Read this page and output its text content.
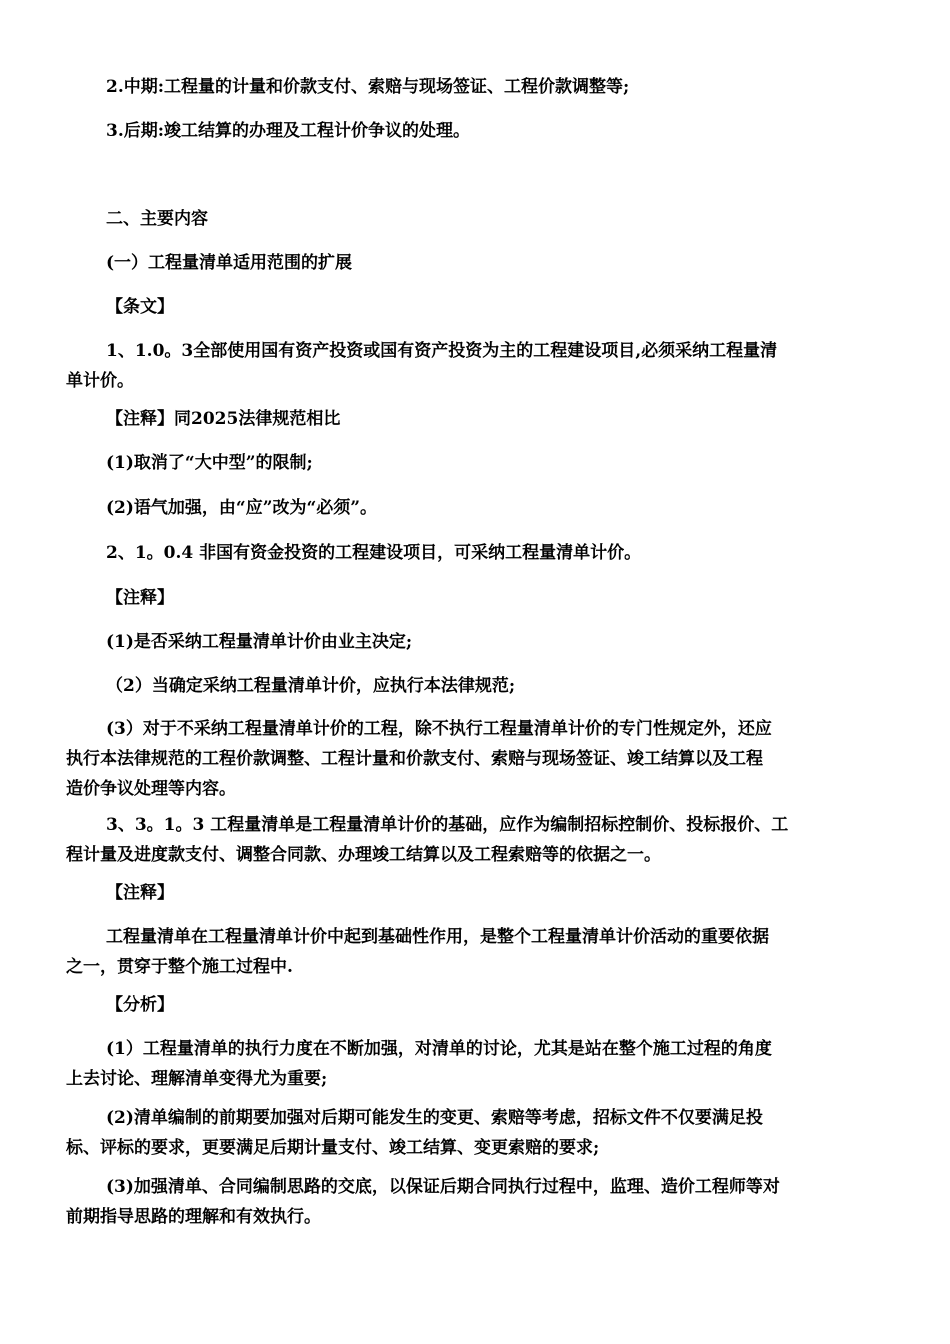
2.中期:工程量的计量和价款支付、索赔与现场签证、工程价款调整等;
3.后期:竣工结算的办理及工程计价争议的处理。
二、主要内容
(一）工程量清单适用范围的扩展
【条文】
1、1.0。3全部使用国有资产投资或国有资产投资为主的工程建设项目,必须采纳工程量清
单计价。
【注释】同2025法律规范相比
(1)取消了“大中型”的限制;
(2)语气加强，由“应”改为“必须”。
2、1。0.4 非国有资金投资的工程建设项目，可采纳工程量清单计价。
【注释】
(1)是否采纳工程量清单计价由业主决定;
（2）当确定采纳工程量清单计价，应执行本法律规范;
(3）对于不采纳工程量清单计价的工程，除不执行工程量清单计价的专门性规定外，还应
执行本法律规范的工程价款调整、工程计量和价款支付、索赔与现场签证、竣工结算以及工程
造价争议处理等内容。
3、3。1。3 工程量清单是工程量清单计价的基础，应作为编制招标控制价、投标报价、工
程计量及进度款支付、调整合同款、办理竣工结算以及工程索赔等的依据之一。
【注释】
工程量清单在工程量清单计价中起到基础性作用，是整个工程量清单计价活动的重要依据
之一，贯穿于整个施工过程中.
【分析】
(1）工程量清单的执行力度在不断加强，对清单的讨论，尤其是站在整个施工过程的角度
上去讨论、理解清单变得尤为重要;
(2)清单编制的前期要加强对后期可能发生的变更、索赔等考虑，招标文件不仅要满足投
标、评标的要求，更要满足后期计量支付、竣工结算、变更索赔的要求;
(3)加强清单、合同编制思路的交底，以保证后期合同执行过程中，监理、造价工程师等对
前期指导思路的理解和有效执行。
